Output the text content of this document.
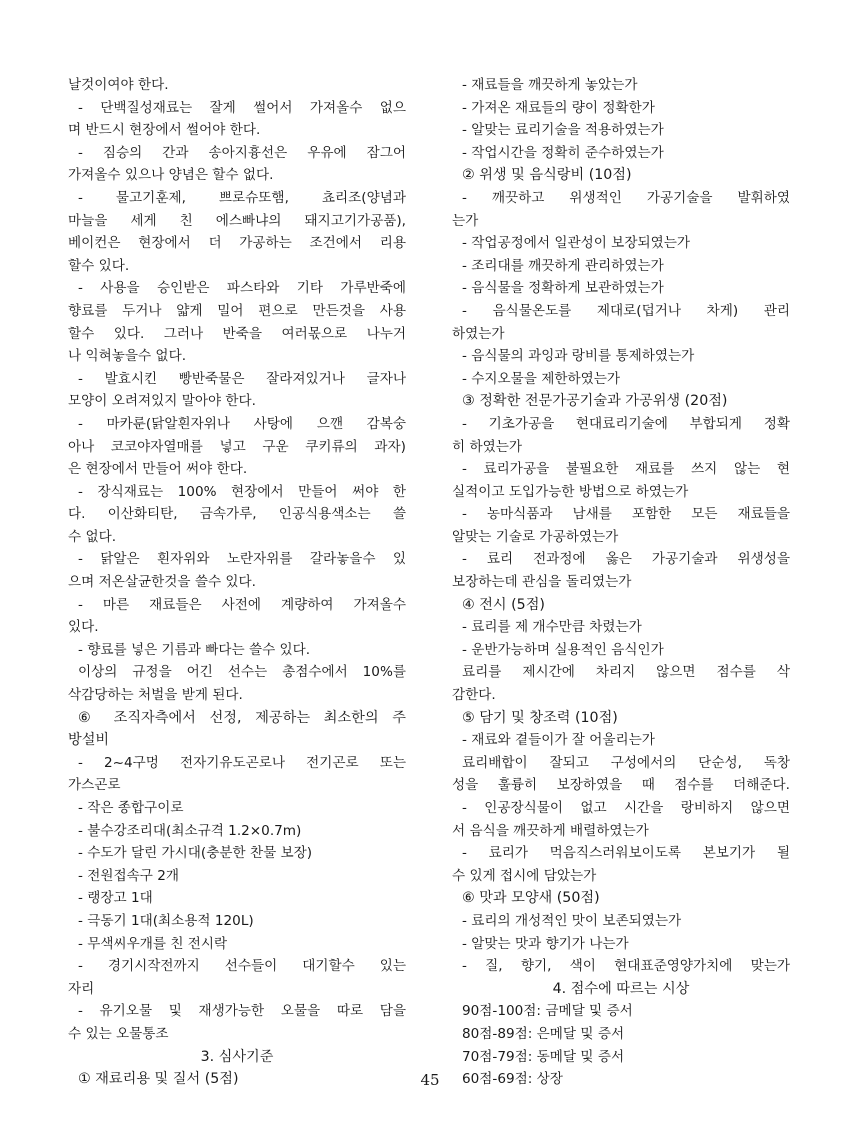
날것이여야 한다.
- 단백질성재료는 잘게 썰어서 가져올수 없으
며 반드시 현장에서 썰어야 한다.
- 짐승의 간과 송아지흉선은 우유에 잠그어
가져올수 있으나 양념은 할수 없다.
- 물고기훈제, 쁘로슈또햄, 쵸리조(양념과
마늘을 세게 친 에스빠냐의 돼지고기가공품),
베이컨은 현장에서 더 가공하는 조건에서 리용
할수 있다.
- 사용을 승인받은 파스타와 기타 가루반죽에
향료를 두거나 얇게 밀어 편으로 만든것을 사용
할수 있다. 그러나 반죽을 여러몫으로 나누거
나 익혀놓을수 없다.
- 발효시킨 빵반죽물은 잘라져있거나 글자나
모양이 오려져있지 말아야 한다.
- 마카룬(닭알흰자위나 사탕에 으깬 감복숭
아나 코코야자열매를 넣고 구운 쿠키류의 과자)
은 현장에서 만들어 써야 한다.
- 장식재료는 100% 현장에서 만들어 써야 한
다. 이산화티탄, 금속가루, 인공식용색소는 쓸
수 없다.
- 닭알은 흰자위와 노란자위를 갈라놓을수 있
으며 저온살균한것을 쓸수 있다.
- 마른 재료들은 사전에 계량하여 가져올수
있다.
- 향료를 넣은 기름과 빠다는 쓸수 있다.
이상의 규정을 어긴 선수는 총점수에서 10%를
삭감당하는 처벌을 받게 된다.
⑥ 조직자측에서 선정, 제공하는 최소한의 주
방설비
- 2~4구멍 전자기유도곤로나 전기곤로 또는
가스곤로
- 작은 종합구이로
- 불수강조리대(최소규격 1.2×0.7m)
- 수도가 달린 가시대(충분한 찬물 보장)
- 전원접속구 2개
- 랭장고 1대
- 극동기 1대(최소용적 120L)
- 무색씨우개를 친 전시락
- 경기시작전까지 선수들이 대기할수 있는
자리
- 유기오물 및 재생가능한 오물을 따로 담을
수 있는 오물통조
3. 심사기준
① 재료리용 및 질서 (5점)
- 재료들을 깨끗하게 놓았는가
- 가져온 재료들의 량이 정확한가
- 알맞는 료리기술을 적용하였는가
- 작업시간을 정확히 준수하였는가
② 위생 및 음식랑비 (10점)
- 깨끗하고 위생적인 가공기술을 발휘하였
는가
- 작업공정에서 일관성이 보장되였는가
- 조리대를 깨끗하게 관리하였는가
- 음식물을 정확하게 보관하였는가
- 음식물온도를 제대로(덥거나 차게) 관리
하였는가
- 음식물의 과잉과 랑비를 통제하였는가
- 수지오물을 제한하였는가
③ 정확한 전문가공기술과 가공위생 (20점)
- 기초가공을 현대료리기술에 부합되게 정확
히 하였는가
- 료리가공을 불필요한 재료를 쓰지 않는 현
실적이고 도입가능한 방법으로 하였는가
- 농마식품과 남새를 포함한 모든 재료들을
알맞는 기술로 가공하였는가
- 료리 전과정에 옳은 가공기술과 위생성을
보장하는데 관심을 돌리였는가
④ 전시 (5점)
- 료리를 제 개수만큼 차렸는가
- 운반가능하며 실용적인 음식인가
료리를 제시간에 차리지 않으면 점수를 삭
감한다.
⑤ 담기 및 창조력 (10점)
- 재료와 곁들이가 잘 어울리는가
료리배합이 잘되고 구성에서의 단순성, 독창
성을 훌륭히 보장하였을 때 점수를 더해준다.
- 인공장식물이 없고 시간을 랑비하지 않으면
서 음식을 깨끗하게 배렬하였는가
- 료리가 먹음직스러워보이도록 본보기가 될
수 있게 접시에 담았는가
⑥ 맛과 모양새 (50점)
- 료리의 개성적인 맛이 보존되였는가
- 알맞는 맛과 향기가 나는가
- 질, 향기, 색이 현대표준영양가치에 맞는가
4. 점수에 따르는 시상
90점-100점: 금메달 및 증서
80점-89점: 은메달 및 증서
70점-79점: 동메달 및 증서
60점-69점: 상장
45
